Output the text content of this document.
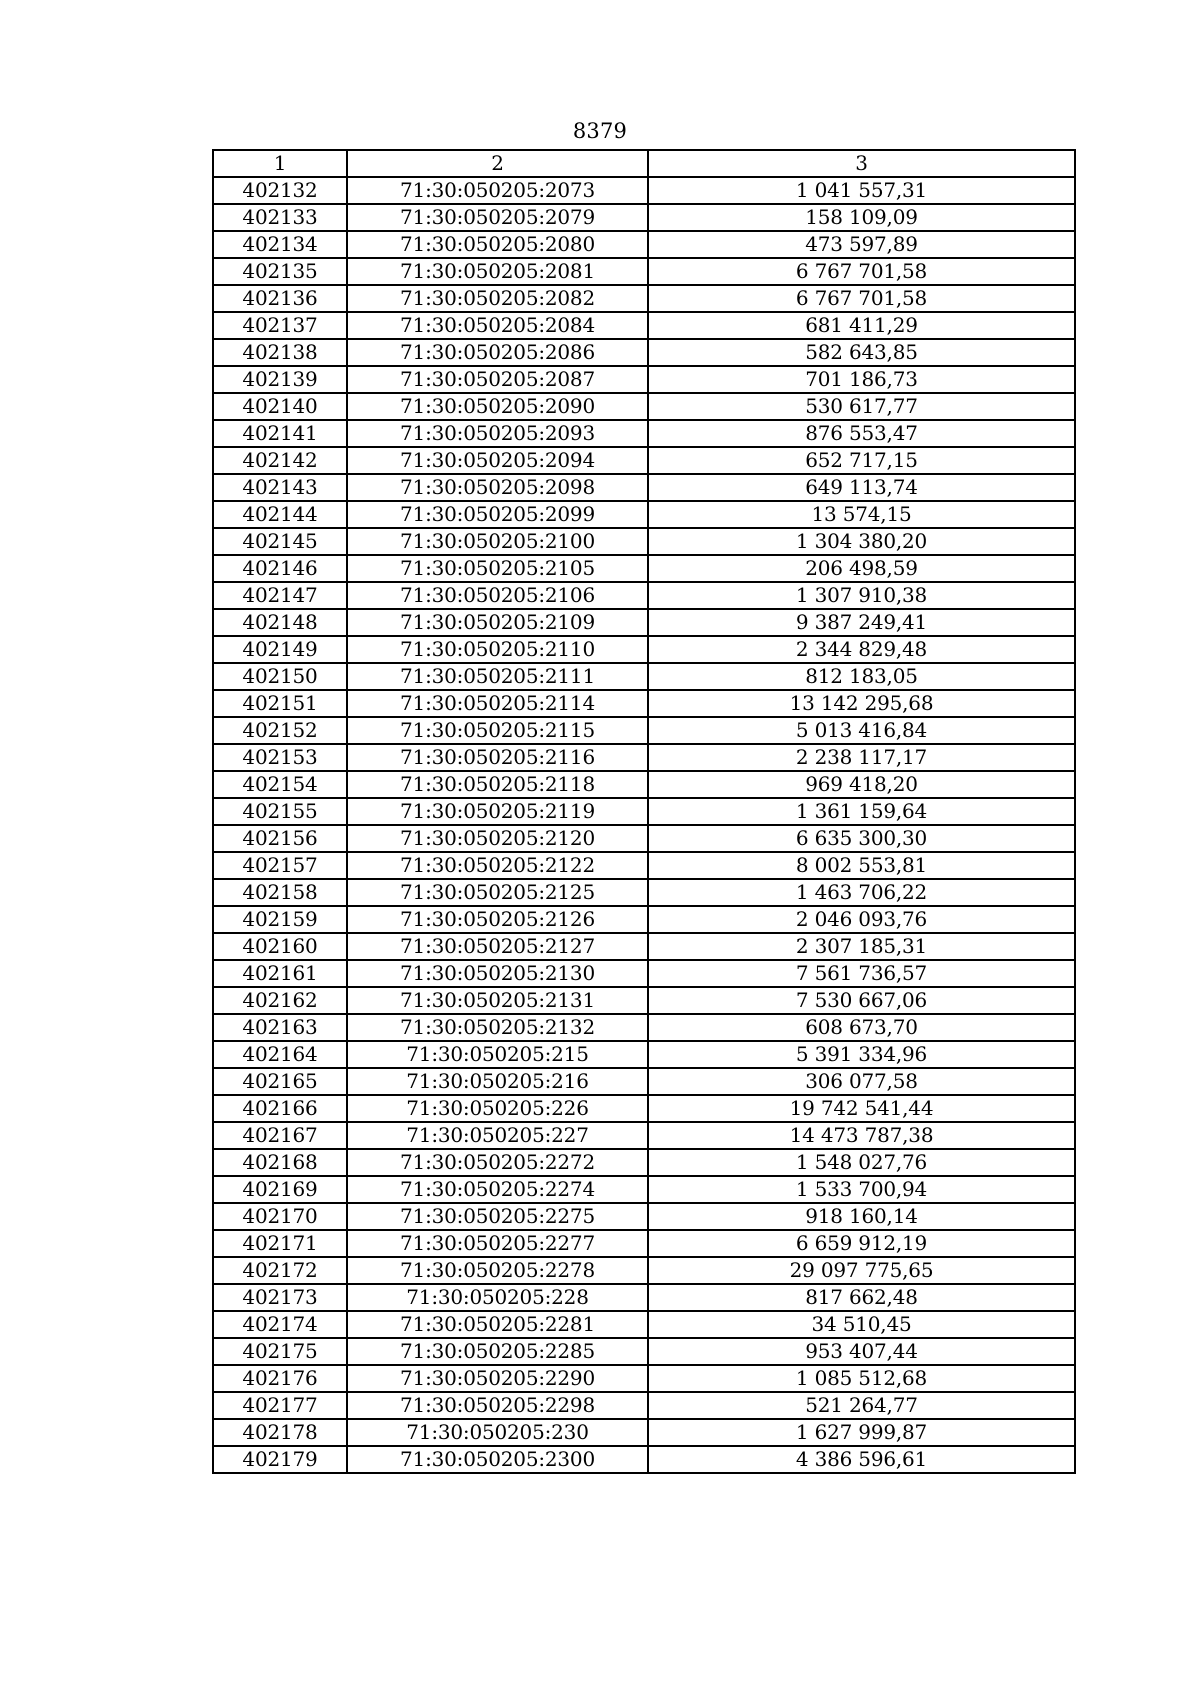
8379
1	2	3
402132	71:30:050205:2073	1 041 557,31
402133	71:30:050205:2079	158 109,09
402134	71:30:050205:2080	473 597,89
402135	71:30:050205:2081	6 767 701,58
402136	71:30:050205:2082	6 767 701,58
402137	71:30:050205:2084	681 411,29
402138	71:30:050205:2086	582 643,85
402139	71:30:050205:2087	701 186,73
402140	71:30:050205:2090	530 617,77
402141	71:30:050205:2093	876 553,47
402142	71:30:050205:2094	652 717,15
402143	71:30:050205:2098	649 113,74
402144	71:30:050205:2099	13 574,15
402145	71:30:050205:2100	1 304 380,20
402146	71:30:050205:2105	206 498,59
402147	71:30:050205:2106	1 307 910,38
402148	71:30:050205:2109	9 387 249,41
402149	71:30:050205:2110	2 344 829,48
402150	71:30:050205:2111	812 183,05
402151	71:30:050205:2114	13 142 295,68
402152	71:30:050205:2115	5 013 416,84
402153	71:30:050205:2116	2 238 117,17
402154	71:30:050205:2118	969 418,20
402155	71:30:050205:2119	1 361 159,64
402156	71:30:050205:2120	6 635 300,30
402157	71:30:050205:2122	8 002 553,81
402158	71:30:050205:2125	1 463 706,22
402159	71:30:050205:2126	2 046 093,76
402160	71:30:050205:2127	2 307 185,31
402161	71:30:050205:2130	7 561 736,57
402162	71:30:050205:2131	7 530 667,06
402163	71:30:050205:2132	608 673,70
402164	71:30:050205:215	5 391 334,96
402165	71:30:050205:216	306 077,58
402166	71:30:050205:226	19 742 541,44
402167	71:30:050205:227	14 473 787,38
402168	71:30:050205:2272	1 548 027,76
402169	71:30:050205:2274	1 533 700,94
402170	71:30:050205:2275	918 160,14
402171	71:30:050205:2277	6 659 912,19
402172	71:30:050205:2278	29 097 775,65
402173	71:30:050205:228	817 662,48
402174	71:30:050205:2281	34 510,45
402175	71:30:050205:2285	953 407,44
402176	71:30:050205:2290	1 085 512,68
402177	71:30:050205:2298	521 264,77
402178	71:30:050205:230	1 627 999,87
402179	71:30:050205:2300	4 386 596,61
